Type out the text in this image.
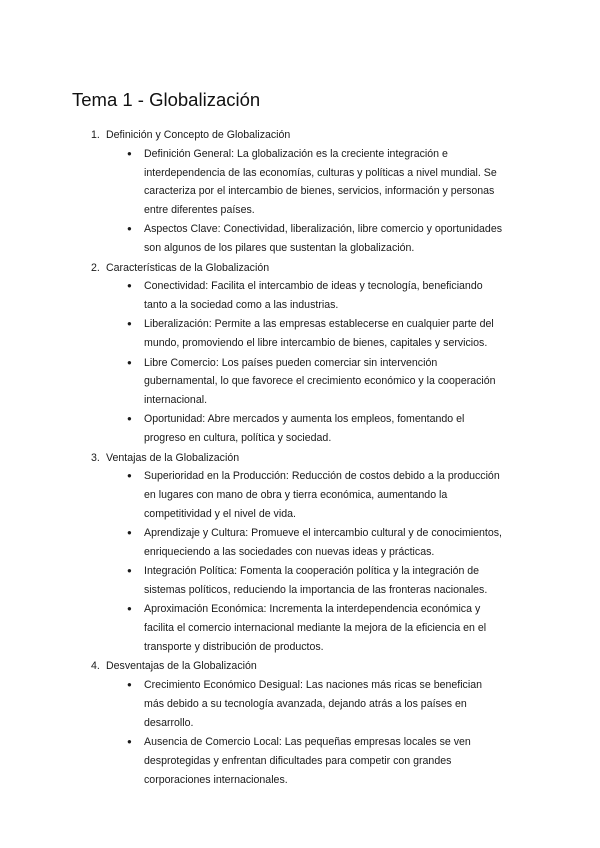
Tema 1 - Globalización
1. Definición y Concepto de Globalización
●	Definición General: La globalización es la creciente integración e interdependencia de las economías, culturas y políticas a nivel mundial. Se caracteriza por el intercambio de bienes, servicios, información y personas entre diferentes países.
●	Aspectos Clave: Conectividad, liberalización, libre comercio y oportunidades son algunos de los pilares que sustentan la globalización.
2. Características de la Globalización
●	Conectividad: Facilita el intercambio de ideas y tecnología, beneficiando tanto a la sociedad como a las industrias.
●	Liberalización: Permite a las empresas establecerse en cualquier parte del mundo, promoviendo el libre intercambio de bienes, capitales y servicios.
●	Libre Comercio: Los países pueden comerciar sin intervención gubernamental, lo que favorece el crecimiento económico y la cooperación internacional.
●	Oportunidad: Abre mercados y aumenta los empleos, fomentando el progreso en cultura, política y sociedad.
3. Ventajas de la Globalización
●	Superioridad en la Producción: Reducción de costos debido a la producción en lugares con mano de obra y tierra económica, aumentando la competitividad y el nivel de vida.
●	Aprendizaje y Cultura: Promueve el intercambio cultural y de conocimientos, enriqueciendo a las sociedades con nuevas ideas y prácticas.
●	Integración Política: Fomenta la cooperación política y la integración de sistemas políticos, reduciendo la importancia de las fronteras nacionales.
●	Aproximación Económica: Incrementa la interdependencia económica y facilita el comercio internacional mediante la mejora de la eficiencia en el transporte y distribución de productos.
4. Desventajas de la Globalización
●	Crecimiento Económico Desigual: Las naciones más ricas se benefician más debido a su tecnología avanzada, dejando atrás a los países en desarrollo.
●	Ausencia de Comercio Local: Las pequeñas empresas locales se ven desprotegidas y enfrentan dificultades para competir con grandes corporaciones internacionales.
